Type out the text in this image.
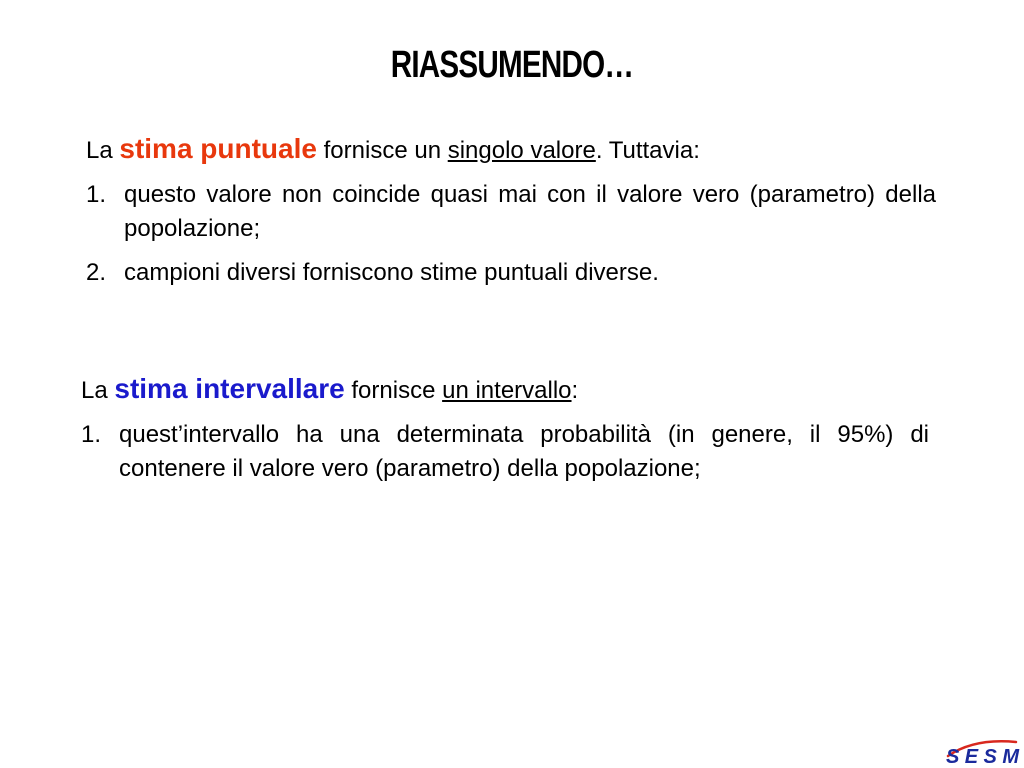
RIASSUMENDO…
La stima puntuale fornisce un singolo valore. Tuttavia:
1. questo valore non coincide quasi mai con il valore vero (parametro) della popolazione;
2. campioni diversi forniscono stime puntuali diverse.
La stima intervallare fornisce un intervallo:
1. quest’intervallo ha una determinata probabilità (in genere, il 95%) di contenere il valore vero (parametro) della popolazione;
SESM
